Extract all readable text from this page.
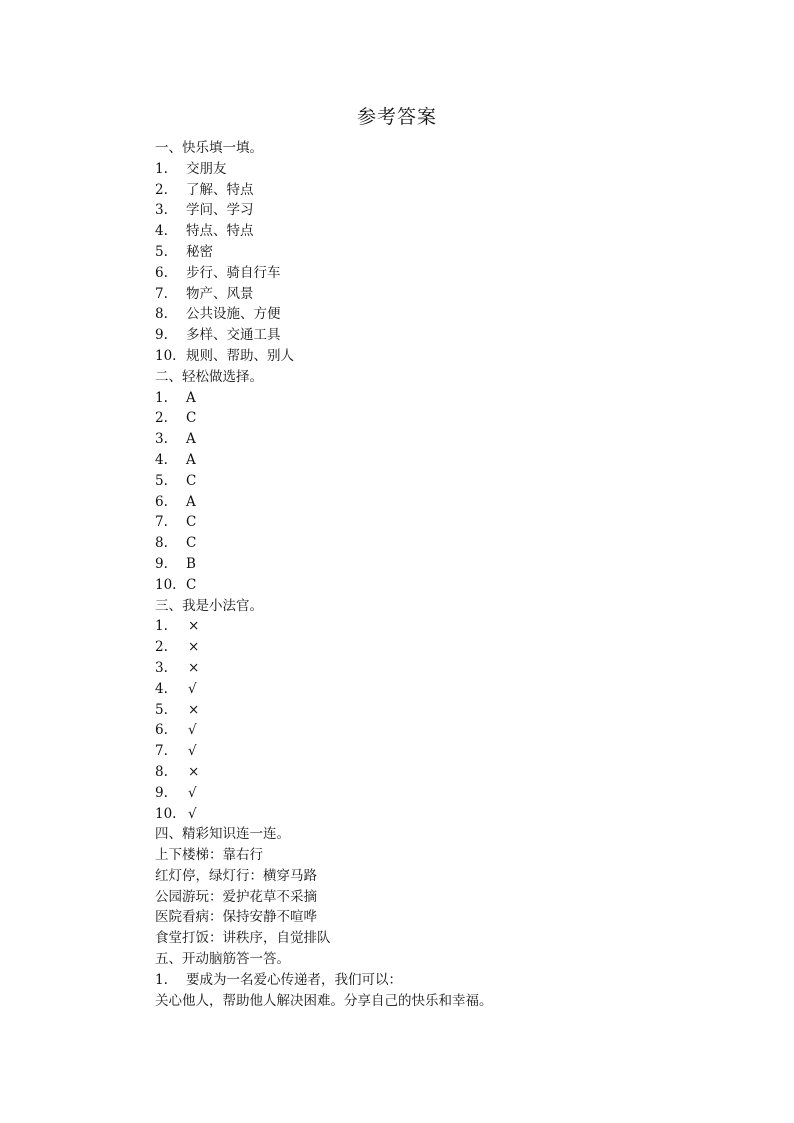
参考答案
一、快乐填一填。
1. 交朋友
2. 了解、特点
3. 学问、学习
4. 特点、特点
5. 秘密
6. 步行、骑自行车
7. 物产、风景
8. 公共设施、方便
9. 多样、交通工具
10. 规则、帮助、别人
二、轻松做选择。
1. A
2. C
3. A
4. A
5. C
6. A
7. C
8. C
9. B
10. C
三、我是小法官。
1. ×
2. ×
3. ×
4. √
5. ×
6. √
7. √
8. ×
9. √
10. √
四、精彩知识连一连。
上下楼梯：靠右行
红灯停，绿灯行：横穿马路
公园游玩：爱护花草不采摘
医院看病：保持安静不喧哗
食堂打饭：讲秩序，自觉排队
五、开动脑筋答一答。
1. 要成为一名爱心传递者，我们可以：
关心他人，帮助他人解决困难。分享自己的快乐和幸福。
